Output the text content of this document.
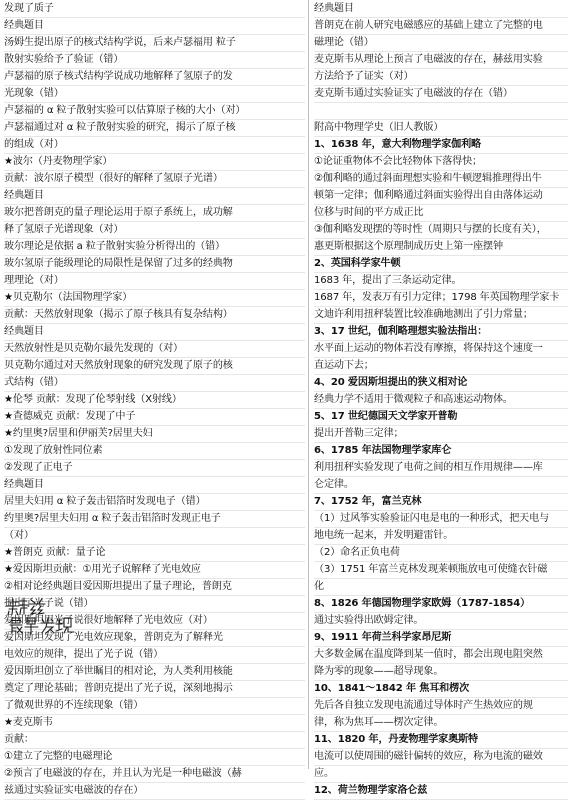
发现了质子
经典题目
汤姆生提出原子的核式结构学说，后来卢瑟福用 粒子
散射实验给予了验证（错）
卢瑟福的原子核式结构学说成功地解释了氢原子的发
光现象（错）
卢瑟福的 α 粒子散射实验可以估算原子核的大小（对）
卢瑟福通过对 α 粒子散射实验的研究，揭示了原子核
的组成（对）
★波尔（丹麦物理学家）
贡献：波尔原子模型（很好的解释了氢原子光谱）
经典题目
玻尔把普朗克的量子理论运用于原子系统上，成功解
释了氢原子光谱现象（对）
玻尔理论是依据 a 粒子散射实验分析得出的（错）
玻尔氢原子能级理论的局限性是保留了过多的经典物
理理论（对）
★贝克勒尔（法国物理学家）
贡献：天然放射现象（揭示了原子核具有复杂结构）
经典题目
天然放射性是贝克勒尔最先发现的（对）
贝克勒尔通过对天然放射现象的研究发现了原子的核
式结构（错）
★伦琴 贡献：发现了伦琴射线（X射线）
★查德威克 贡献：发现了中子
★约里奥?居里和伊丽芙?居里夫妇
①发现了放射性同位素
②发现了正电子
经典题目
居里夫妇用 α 粒子轰击铝箔时发现电子（错）
约里奥?居里夫妇用 α 粒子轰击铝箔时发现正电子
（对）
★普朗克 贡献：量子论
★爱因斯坦贡献：①用光子说解释了光电效应
②相对论经典题目爱因斯坦提出了量子理论，普朗克
提出了光子说（错）
爱因斯坦用光子说很好地解释了光电效应（对）
爱因斯坦发现了光电效应现象，普朗克为了解释光
电效应的规律，提出了光子说（错）
爱因斯坦创立了举世瞩目的相对论，为人类利用核能
奠定了理论基础；普朗克提出了光子说，深刻地揭示
了微观世界的不连续现象（错）
★麦克斯韦
贡献：
①建立了完整的电磁理论
②预言了电磁波的存在，并且认为光是一种电磁波（赫
兹通过实验证实电磁波的存在）
经典题目
普朗克在前人研究电磁感应的基础上建立了完整的电
磁理论（错）
麦克斯韦从理论上预言了电磁波的存在，赫兹用实验
方法给予了证实（对）
麦克斯韦通过实验证实了电磁波的存在（错）
附高中物理学史（旧人教版）
1、1638 年，意大利物理学家伽利略
①论证重物体不会比轻物体下落得快；
②伽利略的通过斜面理想实验和牛顿逻辑推理得出牛
顿第一定律；伽利略通过斜面实验得出自由落体运动
位移与时间的平方成正比
③伽利略发现摆的等时性（周期只与摆的长度有关），
惠更斯根据这个原理制成历史上第一座摆钟
2、英国科学家牛顿
1683 年，提出了三条运动定律。
1687 年，发表万有引力定律；1798 年英国物理学家卡
文迪许利用扭秤装置比较准确地测出了引力常量；
3、17 世纪，伽利略理想实验法指出：
水平面上运动的物体若没有摩擦，将保持这个速度一
直运动下去；
4、20 爱因斯坦提出的狭义相对论
经典力学不适用于微观粒子和高速运动物体。
5、17 世纪德国天文学家开普勒
提出开普勒三定律；
6、1785 年法国物理学家库仑
利用扭秤实验发现了电荷之间的相互作用规律——库
仑定律。
7、1752 年，富兰克林
（1）过风筝实验验证闪电是电的一种形式，把天电与
地电统一起来，并发明避雷针。
（2）命名正负电荷
（3）1751 年富兰克林发现莱顿瓶放电可使缝衣针磁
化
8、1826 年德国物理学家欧姆（1787-1854）
通过实验得出欧姆定律。
9、1911 年荷兰科学家昂尼斯
大多数金属在温度降到某一值时，都会出现电阻突然
降为零的现象——超导现象。
10、1841～1842 年 焦耳和楞次
先后各自独立发现电流通过导体时产生热效应的规
律，称为焦耳——楞次定律。
11、1820 年，丹麦物理学家奥斯特
电流可以使周围的磁针偏转的效应，称为电流的磁效
应。
12、荷兰物理学家洛仑兹
